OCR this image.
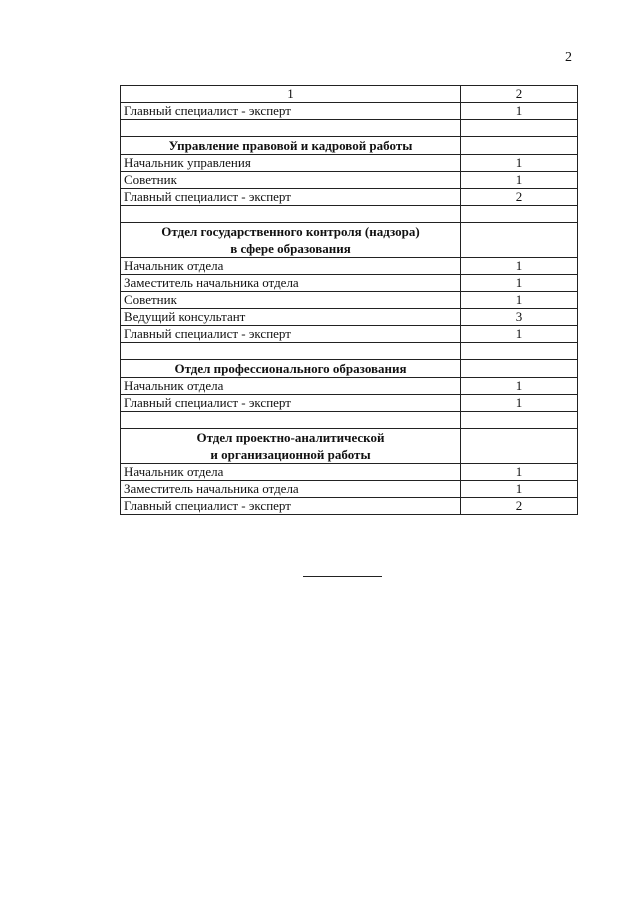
2
1	2
Главный специалист - эксперт	1

Управление правовой и кадровой работы	

Начальник управления	1
Советник	1
Главный специалист - эксперт	2

Отдел государственного контроля (надзора)
в сфере образования	

Начальник отдела	1
Заместитель начальника отдела	1
Советник	1
Ведущий консультант	3
Главный специалист - эксперт	1

Отдел профессионального образования	

Начальник отдела	1
Главный специалист - эксперт	1

Отдел проектно-аналитической
и организационной работы	

Начальник отдела	1
Заместитель начальника отдела	1
Главный специалист - эксперт	2
